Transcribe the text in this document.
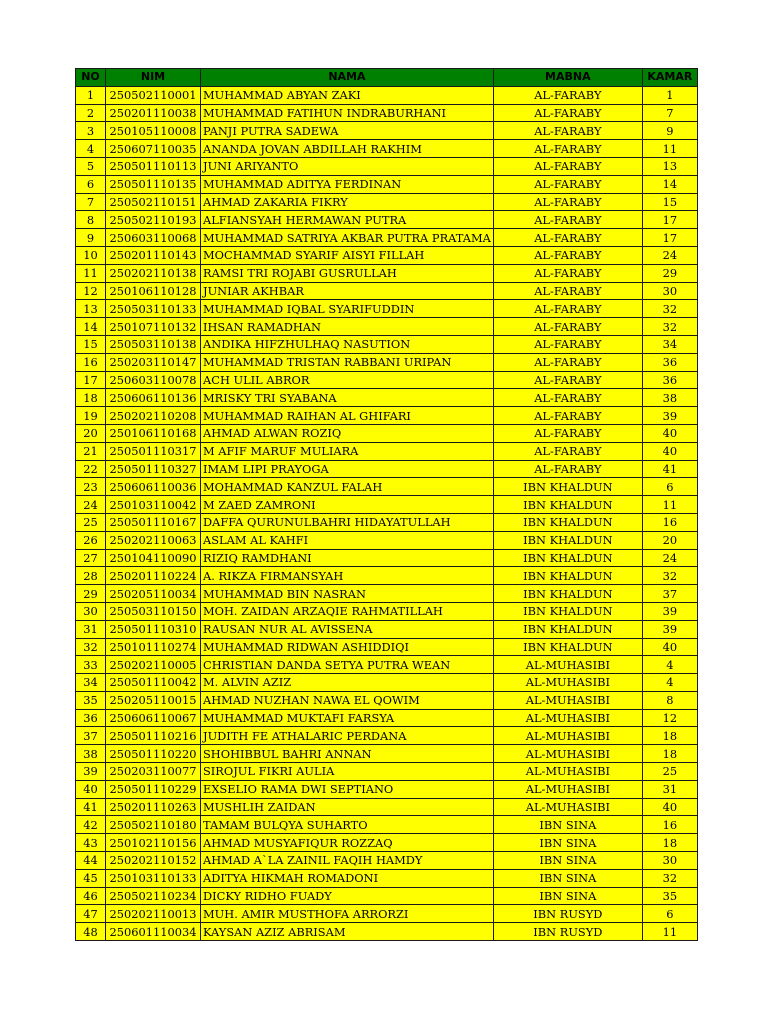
NO	NIM	NAMA	MABNA	KAMAR
1	250502110001	MUHAMMAD ABYAN ZAKI	AL-FARABY	1
2	250201110038	MUHAMMAD FATIHUN INDRABURHANI	AL-FARABY	7
3	250105110008	PANJI PUTRA SADEWA	AL-FARABY	9
4	250607110035	ANANDA JOVAN ABDILLAH RAKHIM	AL-FARABY	11
5	250501110113	JUNI ARIYANTO	AL-FARABY	13
6	250501110135	MUHAMMAD ADITYA FERDINAN	AL-FARABY	14
7	250502110151	AHMAD ZAKARIA FIKRY	AL-FARABY	15
8	250502110193	ALFIANSYAH HERMAWAN PUTRA	AL-FARABY	17
9	250603110068	MUHAMMAD SATRIYA AKBAR PUTRA PRATAMA	AL-FARABY	17
10	250201110143	MOCHAMMAD SYARIF AISYI FILLAH	AL-FARABY	24
11	250202110138	RAMSI TRI ROJABI GUSRULLAH	AL-FARABY	29
12	250106110128	JUNIAR AKHBAR	AL-FARABY	30
13	250503110133	MUHAMMAD IQBAL SYARIFUDDIN	AL-FARABY	32
14	250107110132	IHSAN RAMADHAN	AL-FARABY	32
15	250503110138	ANDIKA HIFZHULHAQ NASUTION	AL-FARABY	34
16	250203110147	MUHAMMAD TRISTAN RABBANI URIPAN	AL-FARABY	36
17	250603110078	ACH ULIL ABROR	AL-FARABY	36
18	250606110136	MRISKY TRI SYABANA	AL-FARABY	38
19	250202110208	MUHAMMAD RAIHAN AL GHIFARI	AL-FARABY	39
20	250106110168	AHMAD ALWAN ROZIQ	AL-FARABY	40
21	250501110317	M AFIF MARUF MULIARA	AL-FARABY	40
22	250501110327	IMAM LIPI PRAYOGA	AL-FARABY	41
23	250606110036	MOHAMMAD KANZUL FALAH	IBN KHALDUN	6
24	250103110042	M ZAED ZAMRONI	IBN KHALDUN	11
25	250501110167	DAFFA QURUNULBAHRI HIDAYATULLAH	IBN KHALDUN	16
26	250202110063	ASLAM AL KAHFI	IBN KHALDUN	20
27	250104110090	RIZIQ RAMDHANI	IBN KHALDUN	24
28	250201110224	A. RIKZA FIRMANSYAH	IBN KHALDUN	32
29	250205110034	MUHAMMAD BIN NASRAN	IBN KHALDUN	37
30	250503110150	MOH. ZAIDAN ARZAQIE RAHMATILLAH	IBN KHALDUN	39
31	250501110310	RAUSAN NUR AL AVISSENA	IBN KHALDUN	39
32	250101110274	MUHAMMAD RIDWAN ASHIDDIQI	IBN KHALDUN	40
33	250202110005	CHRISTIAN DANDA SETYA PUTRA WEAN	AL-MUHASIBI	4
34	250501110042	M. ALVIN AZIZ	AL-MUHASIBI	4
35	250205110015	AHMAD NUZHAN NAWA EL QOWIM	AL-MUHASIBI	8
36	250606110067	MUHAMMAD MUKTAFI FARSYA	AL-MUHASIBI	12
37	250501110216	JUDITH FE ATHALARIC PERDANA	AL-MUHASIBI	18
38	250501110220	SHOHIBBUL BAHRI ANNAN	AL-MUHASIBI	18
39	250203110077	SIROJUL FIKRI AULIA	AL-MUHASIBI	25
40	250501110229	EXSELIO RAMA DWI SEPTIANO	AL-MUHASIBI	31
41	250201110263	MUSHLIH ZAIDAN	AL-MUHASIBI	40
42	250502110180	TAMAM BULQYA SUHARTO	IBN SINA	16
43	250102110156	AHMAD MUSYAFIQUR ROZZAQ	IBN SINA	18
44	250202110152	AHMAD A`LA ZAINIL FAQIH HAMDY	IBN SINA	30
45	250103110133	ADITYA HIKMAH ROMADONI	IBN SINA	32
46	250502110234	DICKY RIDHO FUADY	IBN SINA	35
47	250202110013	MUH. AMIR MUSTHOFA ARRORZI	IBN RUSYD	6
48	250601110034	KAYSAN AZIZ ABRISAM	IBN RUSYD	11
